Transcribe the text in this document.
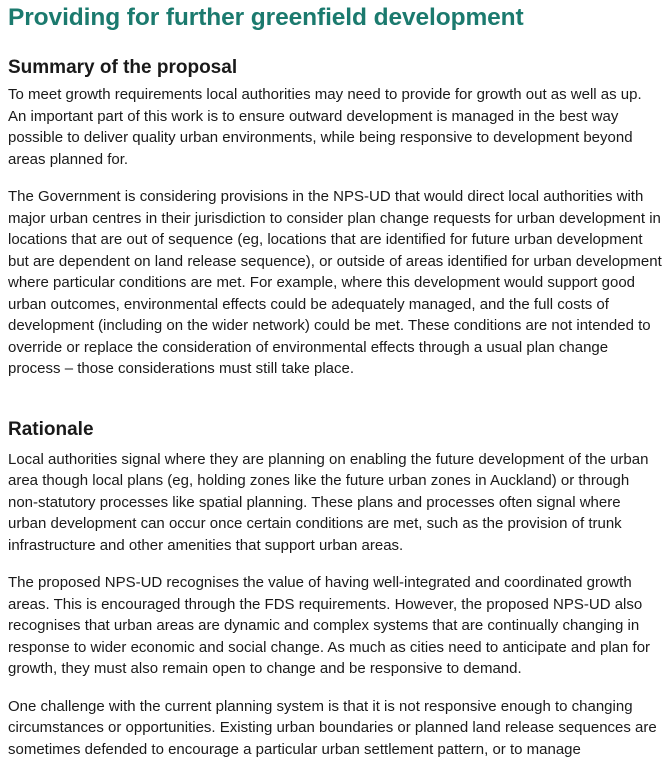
Providing for further greenfield development
Summary of the proposal

To meet growth requirements local authorities may need to provide for growth out as well as up. An important part of this work is to ensure outward development is managed in the best way possible to deliver quality urban environments, while being responsive to development beyond areas planned for.

The Government is considering provisions in the NPS-UD that would direct local authorities with major urban centres in their jurisdiction to consider plan change requests for urban development in locations that are out of sequence (eg, locations that are identified for future urban development but are dependent on land release sequence), or outside of areas identified for urban development where particular conditions are met. For example, where this development would support good urban outcomes, environmental effects could be adequately managed, and the full costs of development (including on the wider network) could be met. These conditions are not intended to override or replace the consideration of environmental effects through a usual plan change process – those considerations must still take place.

Rationale

Local authorities signal where they are planning on enabling the future development of the urban area though local plans (eg, holding zones like the future urban zones in Auckland) or through non-statutory processes like spatial planning. These plans and processes often signal where urban development can occur once certain conditions are met, such as the provision of trunk infrastructure and other amenities that support urban areas.

The proposed NPS-UD recognises the value of having well-integrated and coordinated growth areas. This is encouraged through the FDS requirements. However, the proposed NPS-UD also recognises that urban areas are dynamic and complex systems that are continually changing in response to wider economic and social change. As much as cities need to anticipate and plan for growth, they must also remain open to change and be responsive to demand.

One challenge with the current planning system is that it is not responsive enough to changing circumstances or opportunities. Existing urban boundaries or planned land release sequences are sometimes defended to encourage a particular urban settlement pattern, or to manage
